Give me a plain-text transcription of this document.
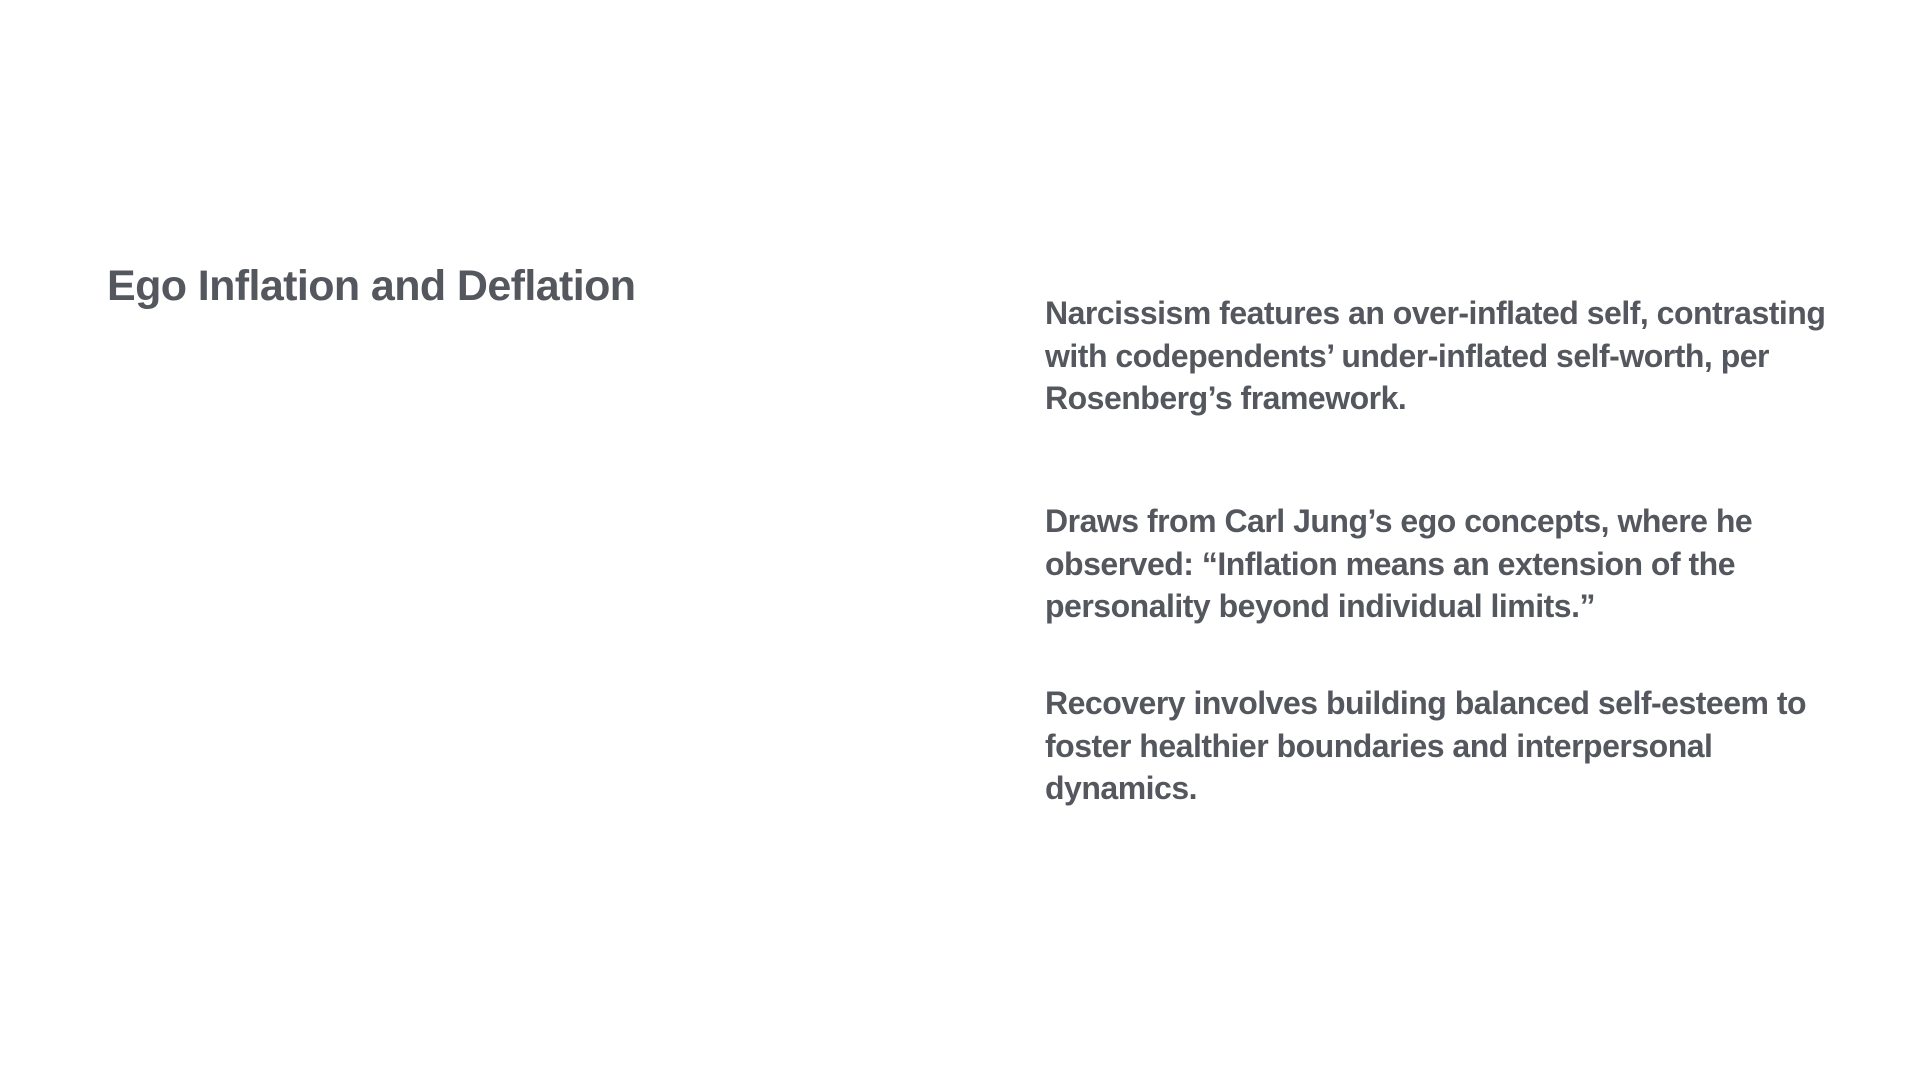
Ego Inflation and Deflation

Narcissism features an over-inflated self, contrasting with codependents’ under-inflated self-worth, per Rosenberg’s framework.

Draws from Carl Jung’s ego concepts, where he observed: “Inflation means an extension of the personality beyond individual limits.”

Recovery involves building balanced self-esteem to foster healthier boundaries and interpersonal dynamics.
